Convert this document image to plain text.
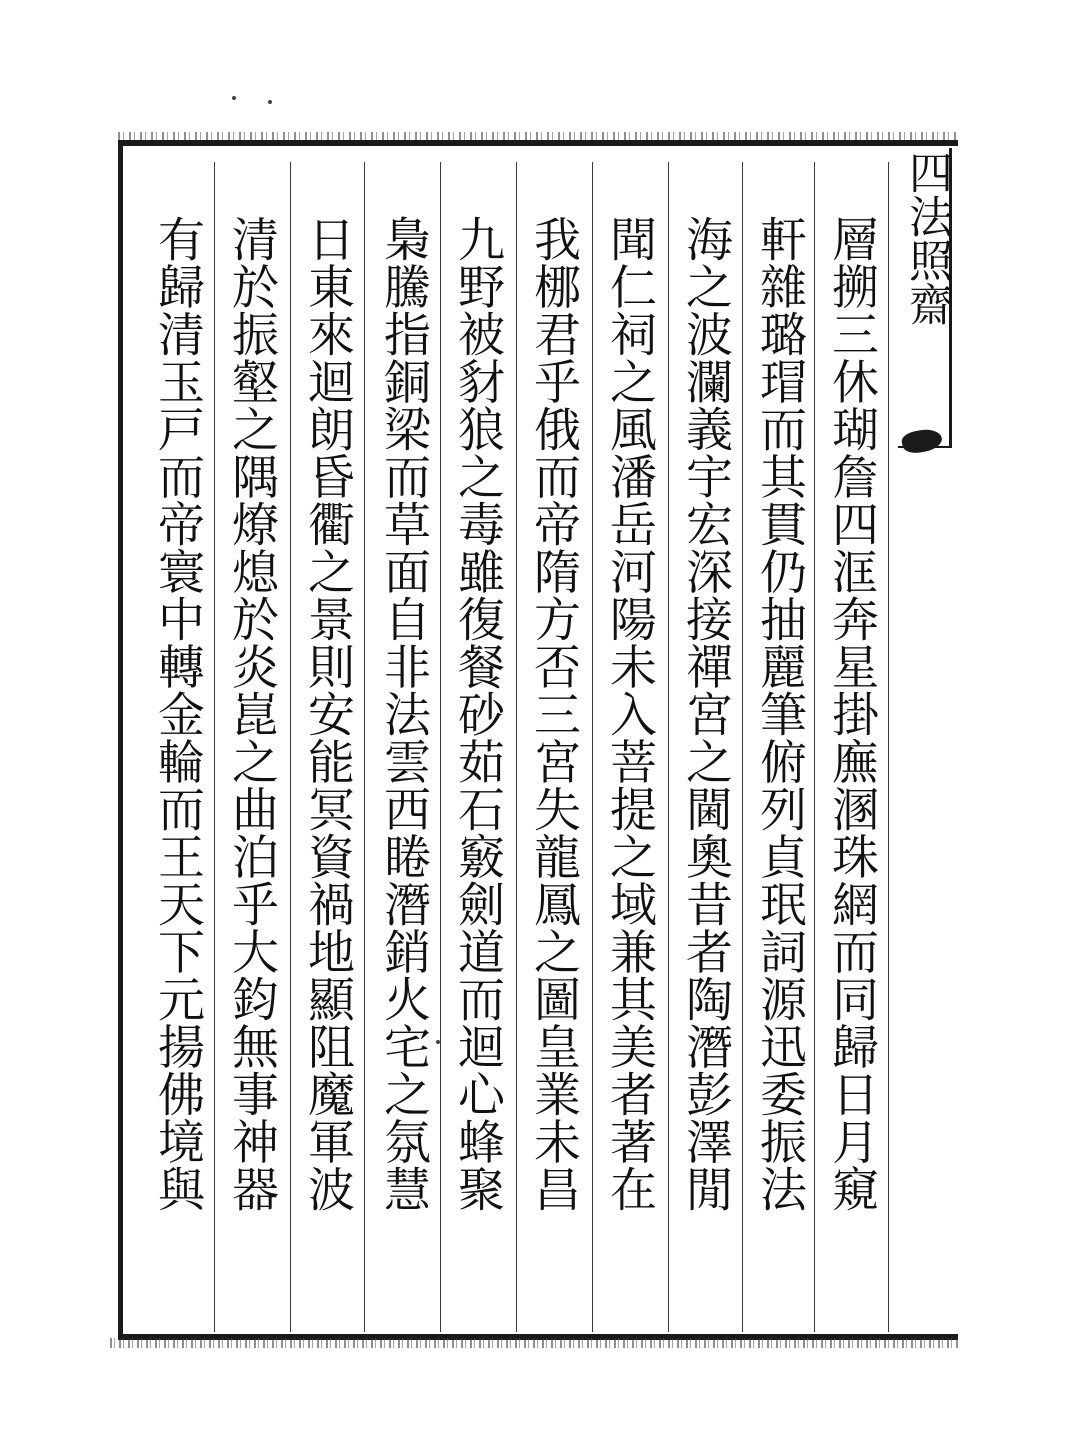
四法照齋
層搠三休瑚詹四洭奔星掛廡溷珠網而同歸日月窺
軒雜璐瑁而其貫仍抽麗筆俯列貞珉詞源迅委振法
海之波瀾義宇宏深接禪宮之閫奧昔者陶潛彭澤閒
聞仁祠之風潘岳河陽未入菩提之域兼其美者著在
我梛君乎俄而帝隋方否三宮失龍鳳之圖皇業未昌
九野被豺狼之毒雖復餐砂茹石竅劍道而迴心蜂聚
梟騰指銅梁而草面自非法雲西睠潛銷火宅之氛慧
日東來迴朗昏衢之景則安能冥資禍地顯阻魔軍波
清於振壑之隅燎熄於炎崑之曲泊乎大鈞無事神器
有歸清玉戸而帝寰中轉金輪而王天下元揚佛境與
